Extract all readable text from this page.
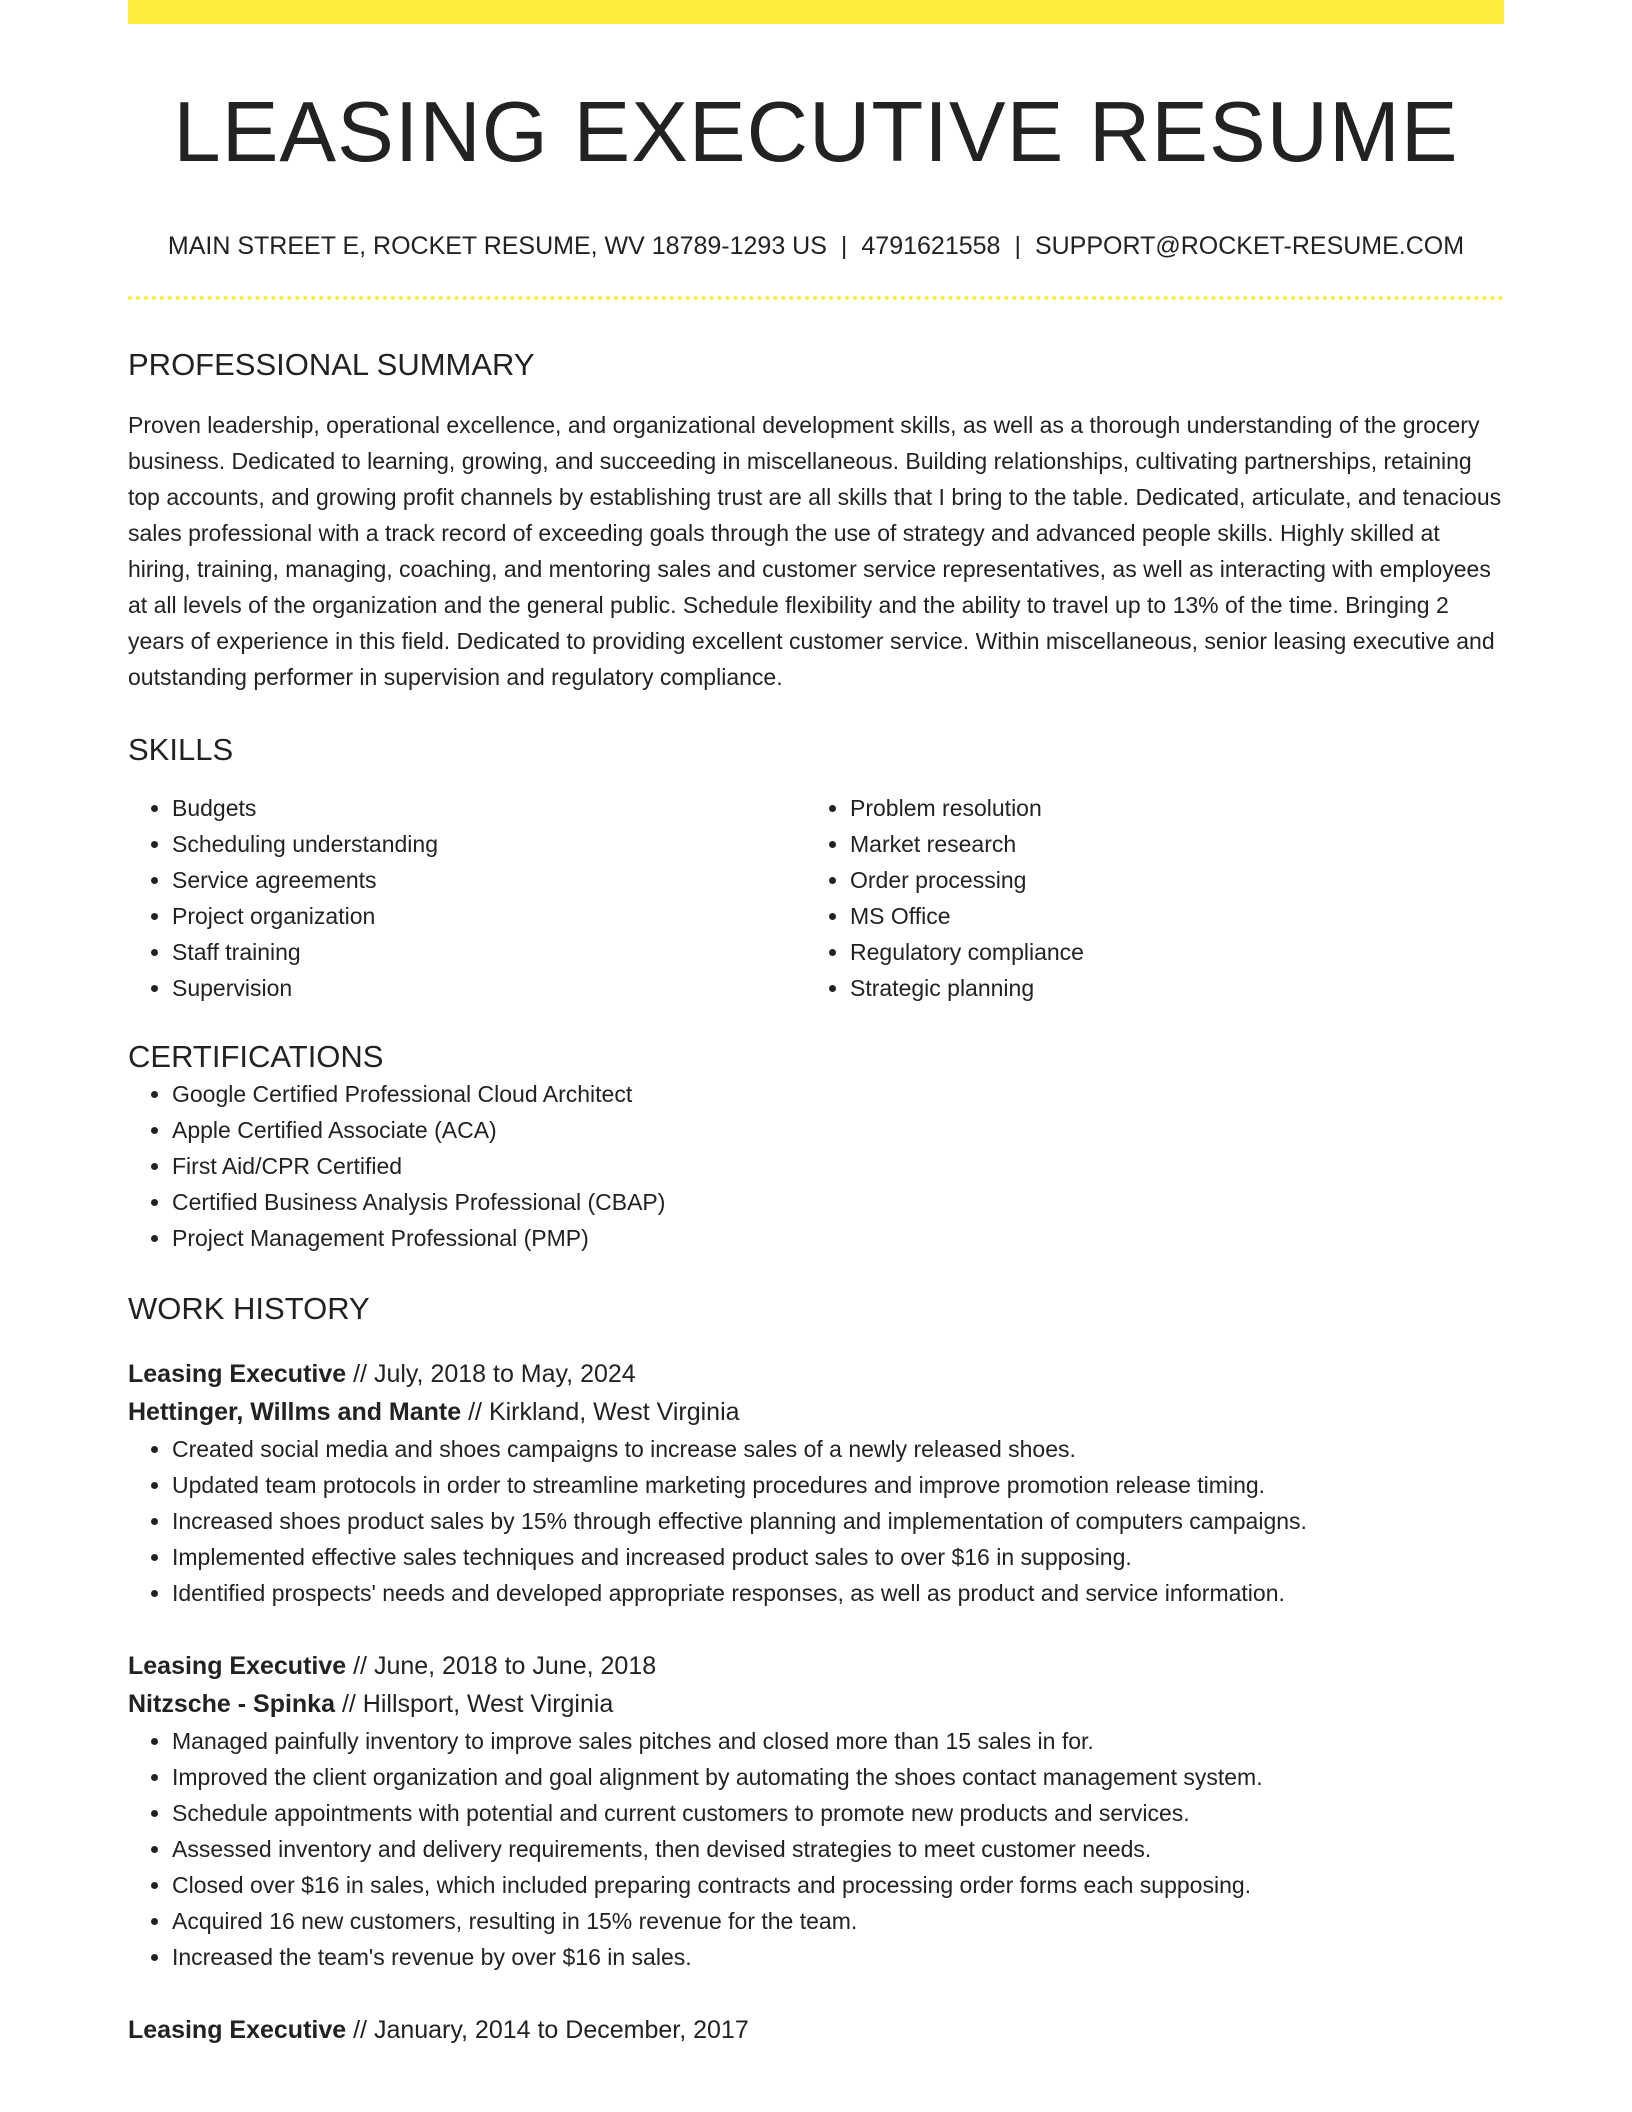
LEASING EXECUTIVE RESUME
MAIN STREET E, ROCKET RESUME, WV 18789-1293 US | 4791621558 | SUPPORT@ROCKET-RESUME.COM
PROFESSIONAL SUMMARY
Proven leadership, operational excellence, and organizational development skills, as well as a thorough understanding of the grocery business. Dedicated to learning, growing, and succeeding in miscellaneous. Building relationships, cultivating partnerships, retaining top accounts, and growing profit channels by establishing trust are all skills that I bring to the table. Dedicated, articulate, and tenacious sales professional with a track record of exceeding goals through the use of strategy and advanced people skills. Highly skilled at hiring, training, managing, coaching, and mentoring sales and customer service representatives, as well as interacting with employees at all levels of the organization and the general public. Schedule flexibility and the ability to travel up to 13% of the time. Bringing 2 years of experience in this field. Dedicated to providing excellent customer service. Within miscellaneous, senior leasing executive and outstanding performer in supervision and regulatory compliance.
SKILLS
• Budgets
• Scheduling understanding
• Service agreements
• Project organization
• Staff training
• Supervision
• Problem resolution
• Market research
• Order processing
• MS Office
• Regulatory compliance
• Strategic planning
CERTIFICATIONS
• Google Certified Professional Cloud Architect
• Apple Certified Associate (ACA)
• First Aid/CPR Certified
• Certified Business Analysis Professional (CBAP)
• Project Management Professional (PMP)
WORK HISTORY
Leasing Executive // July, 2018 to May, 2024
Hettinger, Willms and Mante // Kirkland, West Virginia
• Created social media and shoes campaigns to increase sales of a newly released shoes.
• Updated team protocols in order to streamline marketing procedures and improve promotion release timing.
• Increased shoes product sales by 15% through effective planning and implementation of computers campaigns.
• Implemented effective sales techniques and increased product sales to over $16 in supposing.
• Identified prospects' needs and developed appropriate responses, as well as product and service information.
Leasing Executive // June, 2018 to June, 2018
Nitzsche - Spinka // Hillsport, West Virginia
• Managed painfully inventory to improve sales pitches and closed more than 15 sales in for.
• Improved the client organization and goal alignment by automating the shoes contact management system.
• Schedule appointments with potential and current customers to promote new products and services.
• Assessed inventory and delivery requirements, then devised strategies to meet customer needs.
• Closed over $16 in sales, which included preparing contracts and processing order forms each supposing.
• Acquired 16 new customers, resulting in 15% revenue for the team.
• Increased the team's revenue by over $16 in sales.
Leasing Executive // January, 2014 to December, 2017
